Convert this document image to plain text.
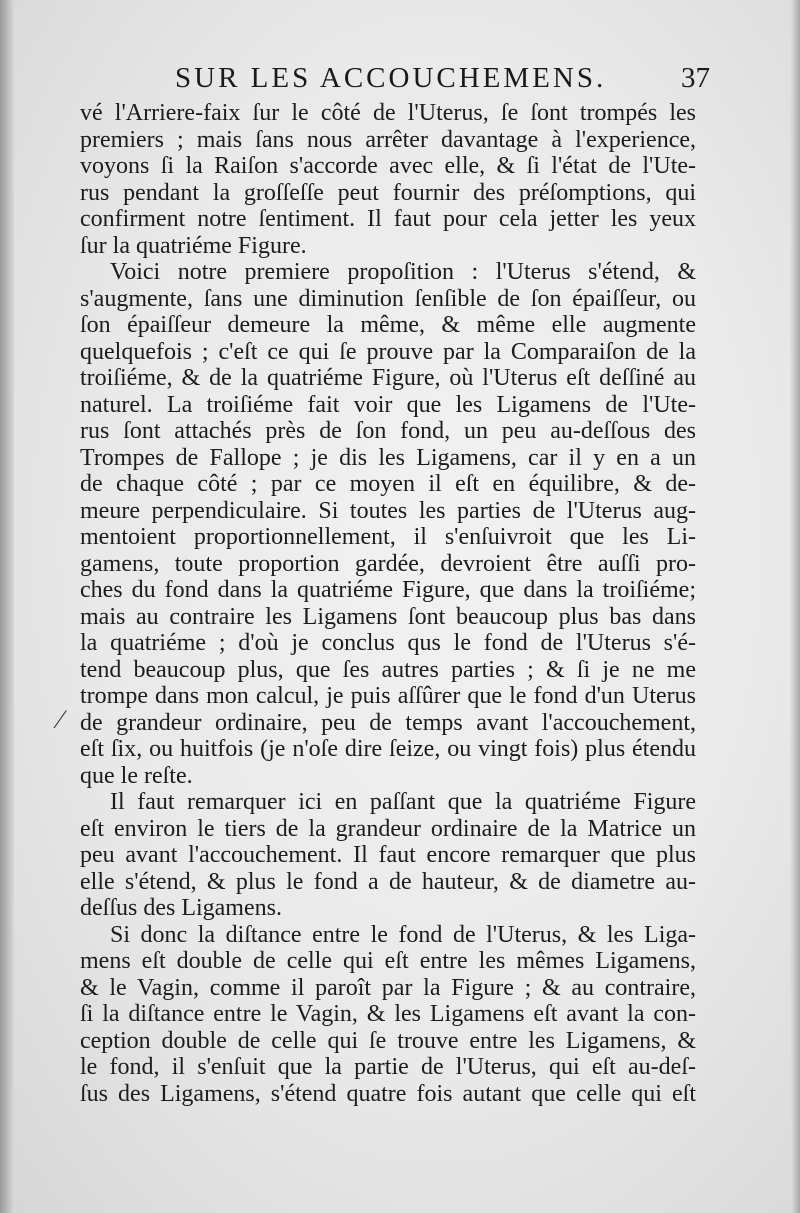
SUR LES ACCOUCHEMENS.	37
⁄
vé l'Arriere-faix ſur le côté de l'Uterus, ſe ſont trompés les
premiers ; mais ſans nous arrêter davantage à l'experience,
voyons ſi la Raiſon s'accorde avec elle, & ſi l'état de l'Ute-
rus pendant la groſſeſſe peut fournir des préſomptions, qui
confirment notre ſentiment. Il faut pour cela jetter les yeux
ſur la quatriéme Figure.
Voici notre premiere propoſition : l'Uterus s'étend, &
s'augmente, ſans une diminution ſenſible de ſon épaiſſeur, ou
ſon épaiſſeur demeure la même, & même elle augmente
quelquefois ; c'eſt ce qui ſe prouve par la Comparaiſon de la
troiſiéme, & de la quatriéme Figure, où l'Uterus eſt deſſiné au
naturel. La troiſiéme fait voir que les Ligamens de l'Ute-
rus ſont attachés près de ſon fond, un peu au-deſſous des
Trompes de Fallope ; je dis les Ligamens, car il y en a un
de chaque côté ; par ce moyen il eſt en équilibre, & de-
meure perpendiculaire. Si toutes les parties de l'Uterus aug-
mentoient proportionnellement, il s'enſuivroit que les Li-
gamens, toute proportion gardée, devroient être auſſi pro-
ches du fond dans la quatriéme Figure, que dans la troiſiéme;
mais au contraire les Ligamens ſont beaucoup plus bas dans
la quatriéme ; d'où je conclus qus le fond de l'Uterus s'é-
tend beaucoup plus, que ſes autres parties ; & ſi je ne me
trompe dans mon calcul, je puis aſſûrer que le fond d'un Uterus
de grandeur ordinaire, peu de temps avant l'accouchement,
eſt ſix, ou huitfois (je n'oſe dire ſeize, ou vingt fois) plus étendu
que le reſte.
Il faut remarquer ici en paſſant que la quatriéme Figure
eſt environ le tiers de la grandeur ordinaire de la Matrice un
peu avant l'accouchement. Il faut encore remarquer que plus
elle s'étend, & plus le fond a de hauteur, & de diametre au-
deſſus des Ligamens.
Si donc la diſtance entre le fond de l'Uterus, & les Liga-
mens eſt double de celle qui eſt entre les mêmes Ligamens,
& le Vagin, comme il paroît par la Figure ; & au contraire,
ſi la diſtance entre le Vagin, & les Ligamens eſt avant la con-
ception double de celle qui ſe trouve entre les Ligamens, &
le fond, il s'enſuit que la partie de l'Uterus, qui eſt au-deſ-
ſus des Ligamens, s'étend quatre fois autant que celle qui eſt
